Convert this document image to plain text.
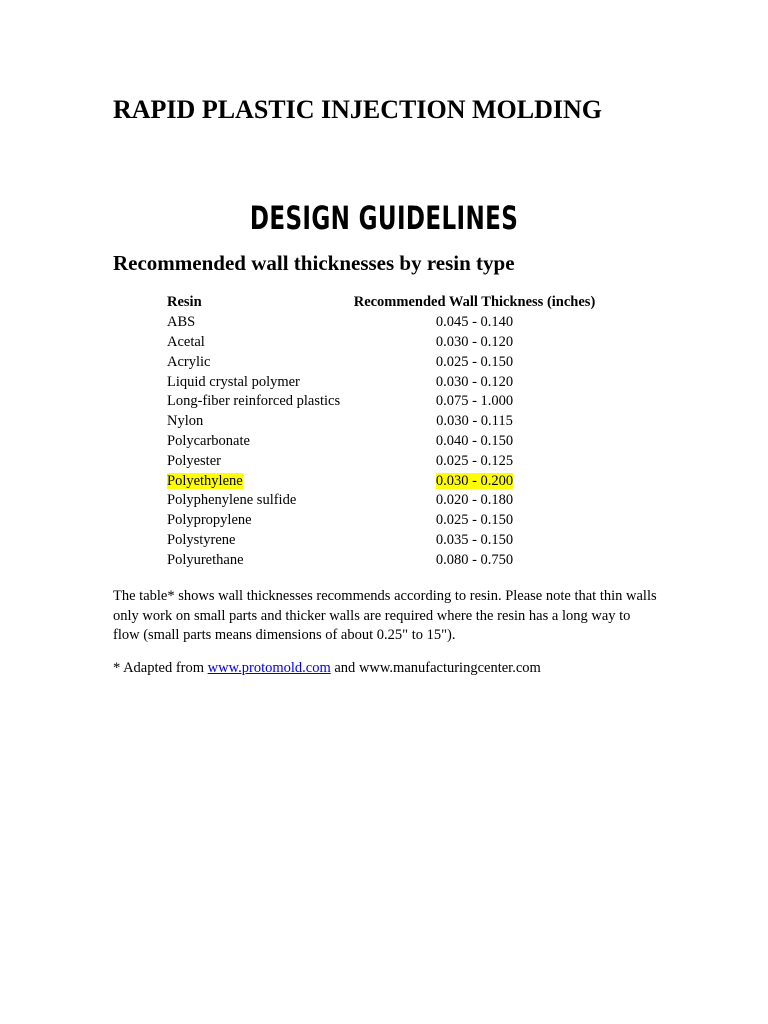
RAPID PLASTIC INJECTION MOLDING
DESIGN GUIDELINES
Recommended wall thicknesses by resin type
Resin	Recommended Wall Thickness (inches)
ABS	0.045 - 0.140
Acetal	0.030 - 0.120
Acrylic	0.025 - 0.150
Liquid crystal polymer	0.030 - 0.120
Long-fiber reinforced plastics	0.075 - 1.000
Nylon	0.030 - 0.115
Polycarbonate	0.040 - 0.150
Polyester	0.025 - 0.125
Polyethylene	0.030 - 0.200
Polyphenylene sulfide	0.020 - 0.180
Polypropylene	0.025 - 0.150
Polystyrene	0.035 - 0.150
Polyurethane	0.080 - 0.750

The table* shows wall thicknesses recommends according to resin. Please note that thin walls only work on small parts and thicker walls are required where the resin has a long way to flow (small parts means dimensions of about 0.25" to 15").

* Adapted from www.protomold.com and www.manufacturingcenter.com
